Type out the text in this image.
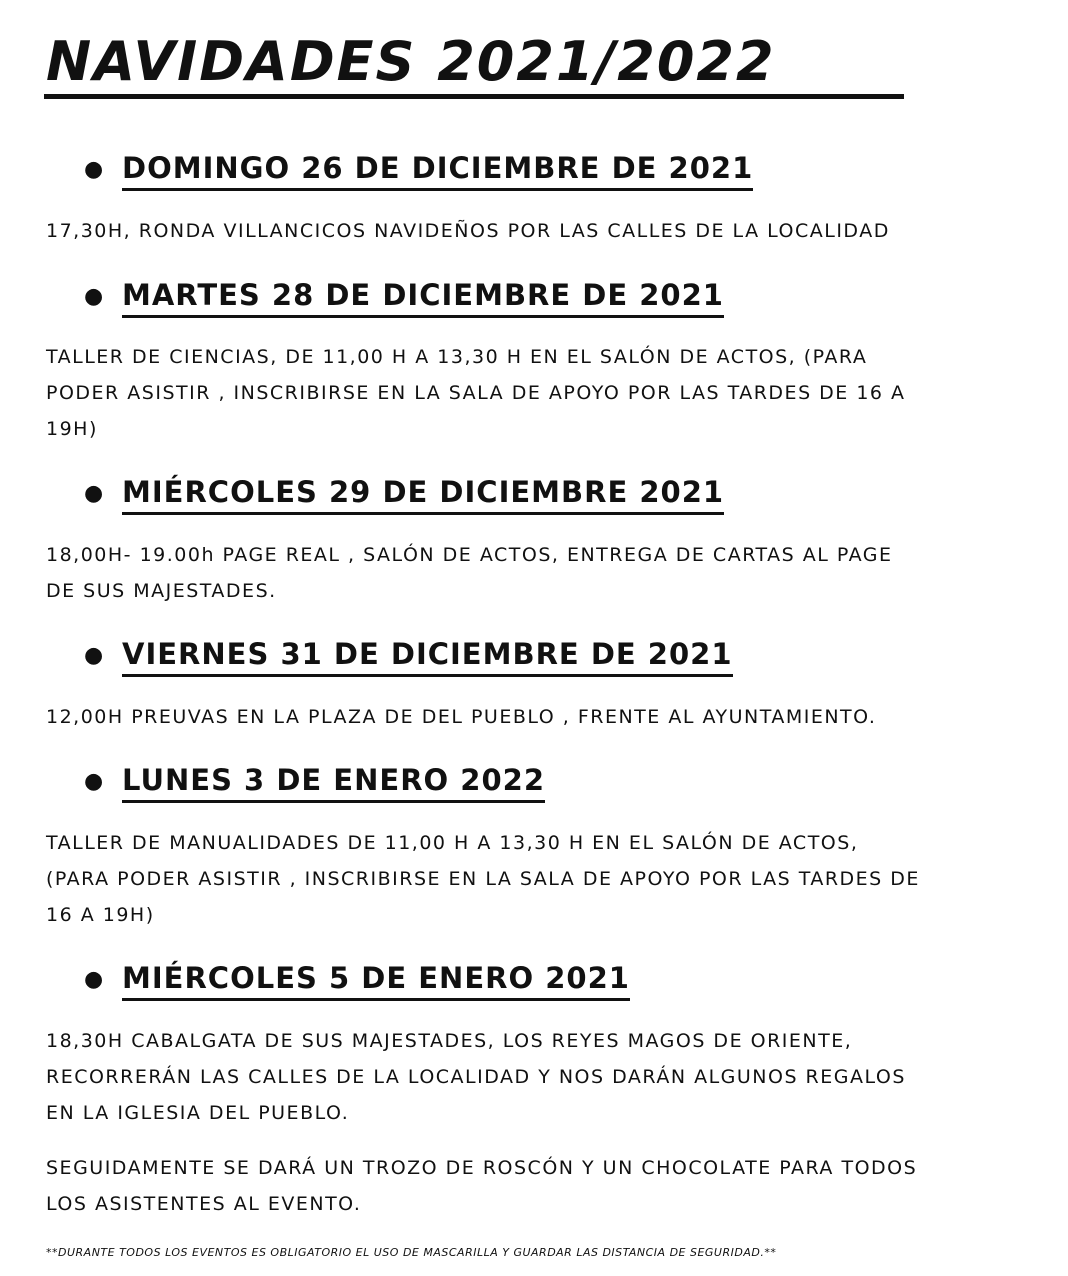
NAVIDADES 2021/2022
● DOMINGO 26 DE DICIEMBRE DE 2021
17,30H, RONDA VILLANCICOS NAVIDEÑOS POR LAS CALLES DE LA LOCALIDAD
● MARTES 28 DE DICIEMBRE DE 2021
TALLER DE CIENCIAS, DE 11,00 H A 13,30 H EN EL SALÓN DE ACTOS, (PARA
PODER ASISTIR , INSCRIBIRSE EN LA SALA DE APOYO POR LAS TARDES DE 16 A
19H)
● MIÉRCOLES 29 DE DICIEMBRE 2021
18,00H- 19.00h PAGE REAL , SALÓN DE ACTOS, ENTREGA DE CARTAS AL PAGE
DE SUS MAJESTADES.
● VIERNES 31 DE DICIEMBRE DE 2021
12,00H PREUVAS EN LA PLAZA DE DEL PUEBLO , FRENTE AL AYUNTAMIENTO.
● LUNES 3 DE ENERO 2022
TALLER DE MANUALIDADES DE 11,00 H A 13,30 H EN EL SALÓN DE ACTOS,
(PARA PODER ASISTIR , INSCRIBIRSE EN LA SALA DE APOYO POR LAS TARDES DE
16 A 19H)
● MIÉRCOLES 5 DE ENERO 2021
18,30H CABALGATA DE SUS MAJESTADES, LOS REYES MAGOS DE ORIENTE,
RECORRERÁN LAS CALLES DE LA LOCALIDAD Y NOS DARÁN ALGUNOS REGALOS
EN LA IGLESIA DEL PUEBLO.
SEGUIDAMENTE SE DARÁ UN TROZO DE ROSCÓN Y UN CHOCOLATE PARA TODOS
LOS ASISTENTES AL EVENTO.
**DURANTE TODOS LOS EVENTOS ES OBLIGATORIO EL USO DE MASCARILLA Y GUARDAR LAS DISTANCIA DE SEGURIDAD.**
